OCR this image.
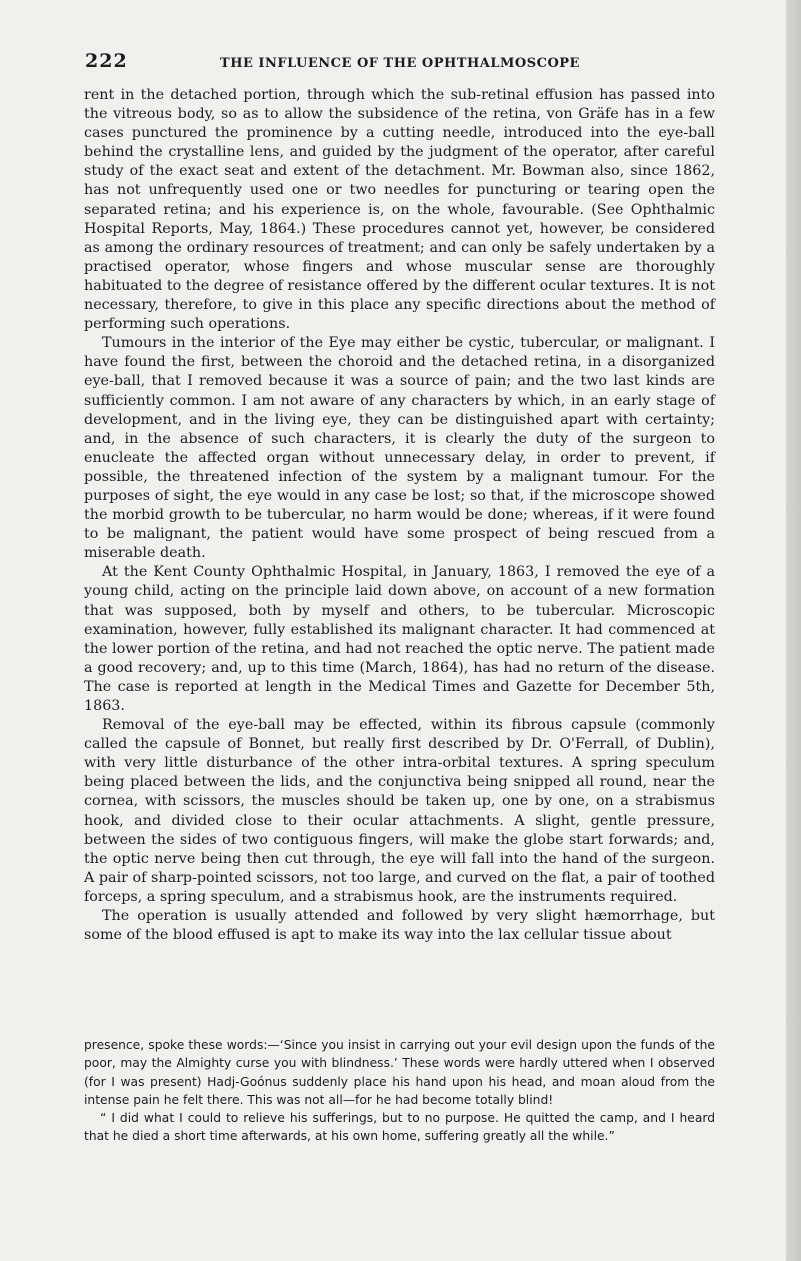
222	THE INFLUENCE OF THE OPHTHALMOSCOPE

rent in the detached portion, through which the sub-retinal effusion has passed into the vitreous body, so as to allow the subsidence of the retina, von Gräfe has in a few cases punctured the prominence by a cutting needle, introduced into the eye-ball behind the crystalline lens, and guided by the judgment of the operator, after careful study of the exact seat and extent of the detachment. Mr. Bowman also, since 1862, has not unfrequently used one or two needles for puncturing or tearing open the separated retina; and his experience is, on the whole, favourable. (See Ophthalmic Hospital Reports, May, 1864.) These procedures cannot yet, however, be considered as among the ordinary resources of treatment; and can only be safely undertaken by a practised operator, whose fingers and whose muscular sense are thoroughly habituated to the degree of resistance offered by the different ocular textures. It is not necessary, therefore, to give in this place any specific directions about the method of performing such operations.

Tumours in the interior of the Eye may either be cystic, tubercular, or malignant. I have found the first, between the choroid and the detached retina, in a disorganized eye-ball, that I removed because it was a source of pain; and the two last kinds are sufficiently common. I am not aware of any characters by which, in an early stage of development, and in the living eye, they can be distinguished apart with certainty; and, in the absence of such characters, it is clearly the duty of the surgeon to enucleate the affected organ without unnecessary delay, in order to prevent, if possible, the threatened infection of the system by a malignant tumour. For the purposes of sight, the eye would in any case be lost; so that, if the microscope showed the morbid growth to be tubercular, no harm would be done; whereas, if it were found to be malignant, the patient would have some prospect of being rescued from a miserable death.

At the Kent County Ophthalmic Hospital, in January, 1863, I removed the eye of a young child, acting on the principle laid down above, on account of a new formation that was supposed, both by myself and others, to be tubercular. Microscopic examination, however, fully established its malignant character. It had commenced at the lower portion of the retina, and had not reached the optic nerve. The patient made a good recovery; and, up to this time (March, 1864), has had no return of the disease. The case is reported at length in the Medical Times and Gazette for December 5th, 1863.

Removal of the eye-ball may be effected, within its fibrous capsule (commonly called the capsule of Bonnet, but really first described by Dr. O'Ferrall, of Dublin), with very little disturbance of the other intra-orbital textures. A spring speculum being placed between the lids, and the conjunctiva being snipped all round, near the cornea, with scissors, the muscles should be taken up, one by one, on a strabismus hook, and divided close to their ocular attachments. A slight, gentle pressure, between the sides of two contiguous fingers, will make the globe start forwards; and, the optic nerve being then cut through, the eye will fall into the hand of the surgeon. A pair of sharp-pointed scissors, not too large, and curved on the flat, a pair of toothed forceps, a spring speculum, and a strabismus hook, are the instruments required.

The operation is usually attended and followed by very slight hæmorrhage, but some of the blood effused is apt to make its way into the lax cellular tissue about

presence, spoke these words:—‘Since you insist in carrying out your evil design upon the funds of the poor, may the Almighty curse you with blindness.’ These words were hardly uttered when I observed (for I was present) Hadj-Goónus suddenly place his hand upon his head, and moan aloud from the intense pain he felt there. This was not all—for he had become totally blind!

“ I did what I could to relieve his sufferings, but to no purpose. He quitted the camp, and I heard that he died a short time afterwards, at his own home, suffering greatly all the while.”
